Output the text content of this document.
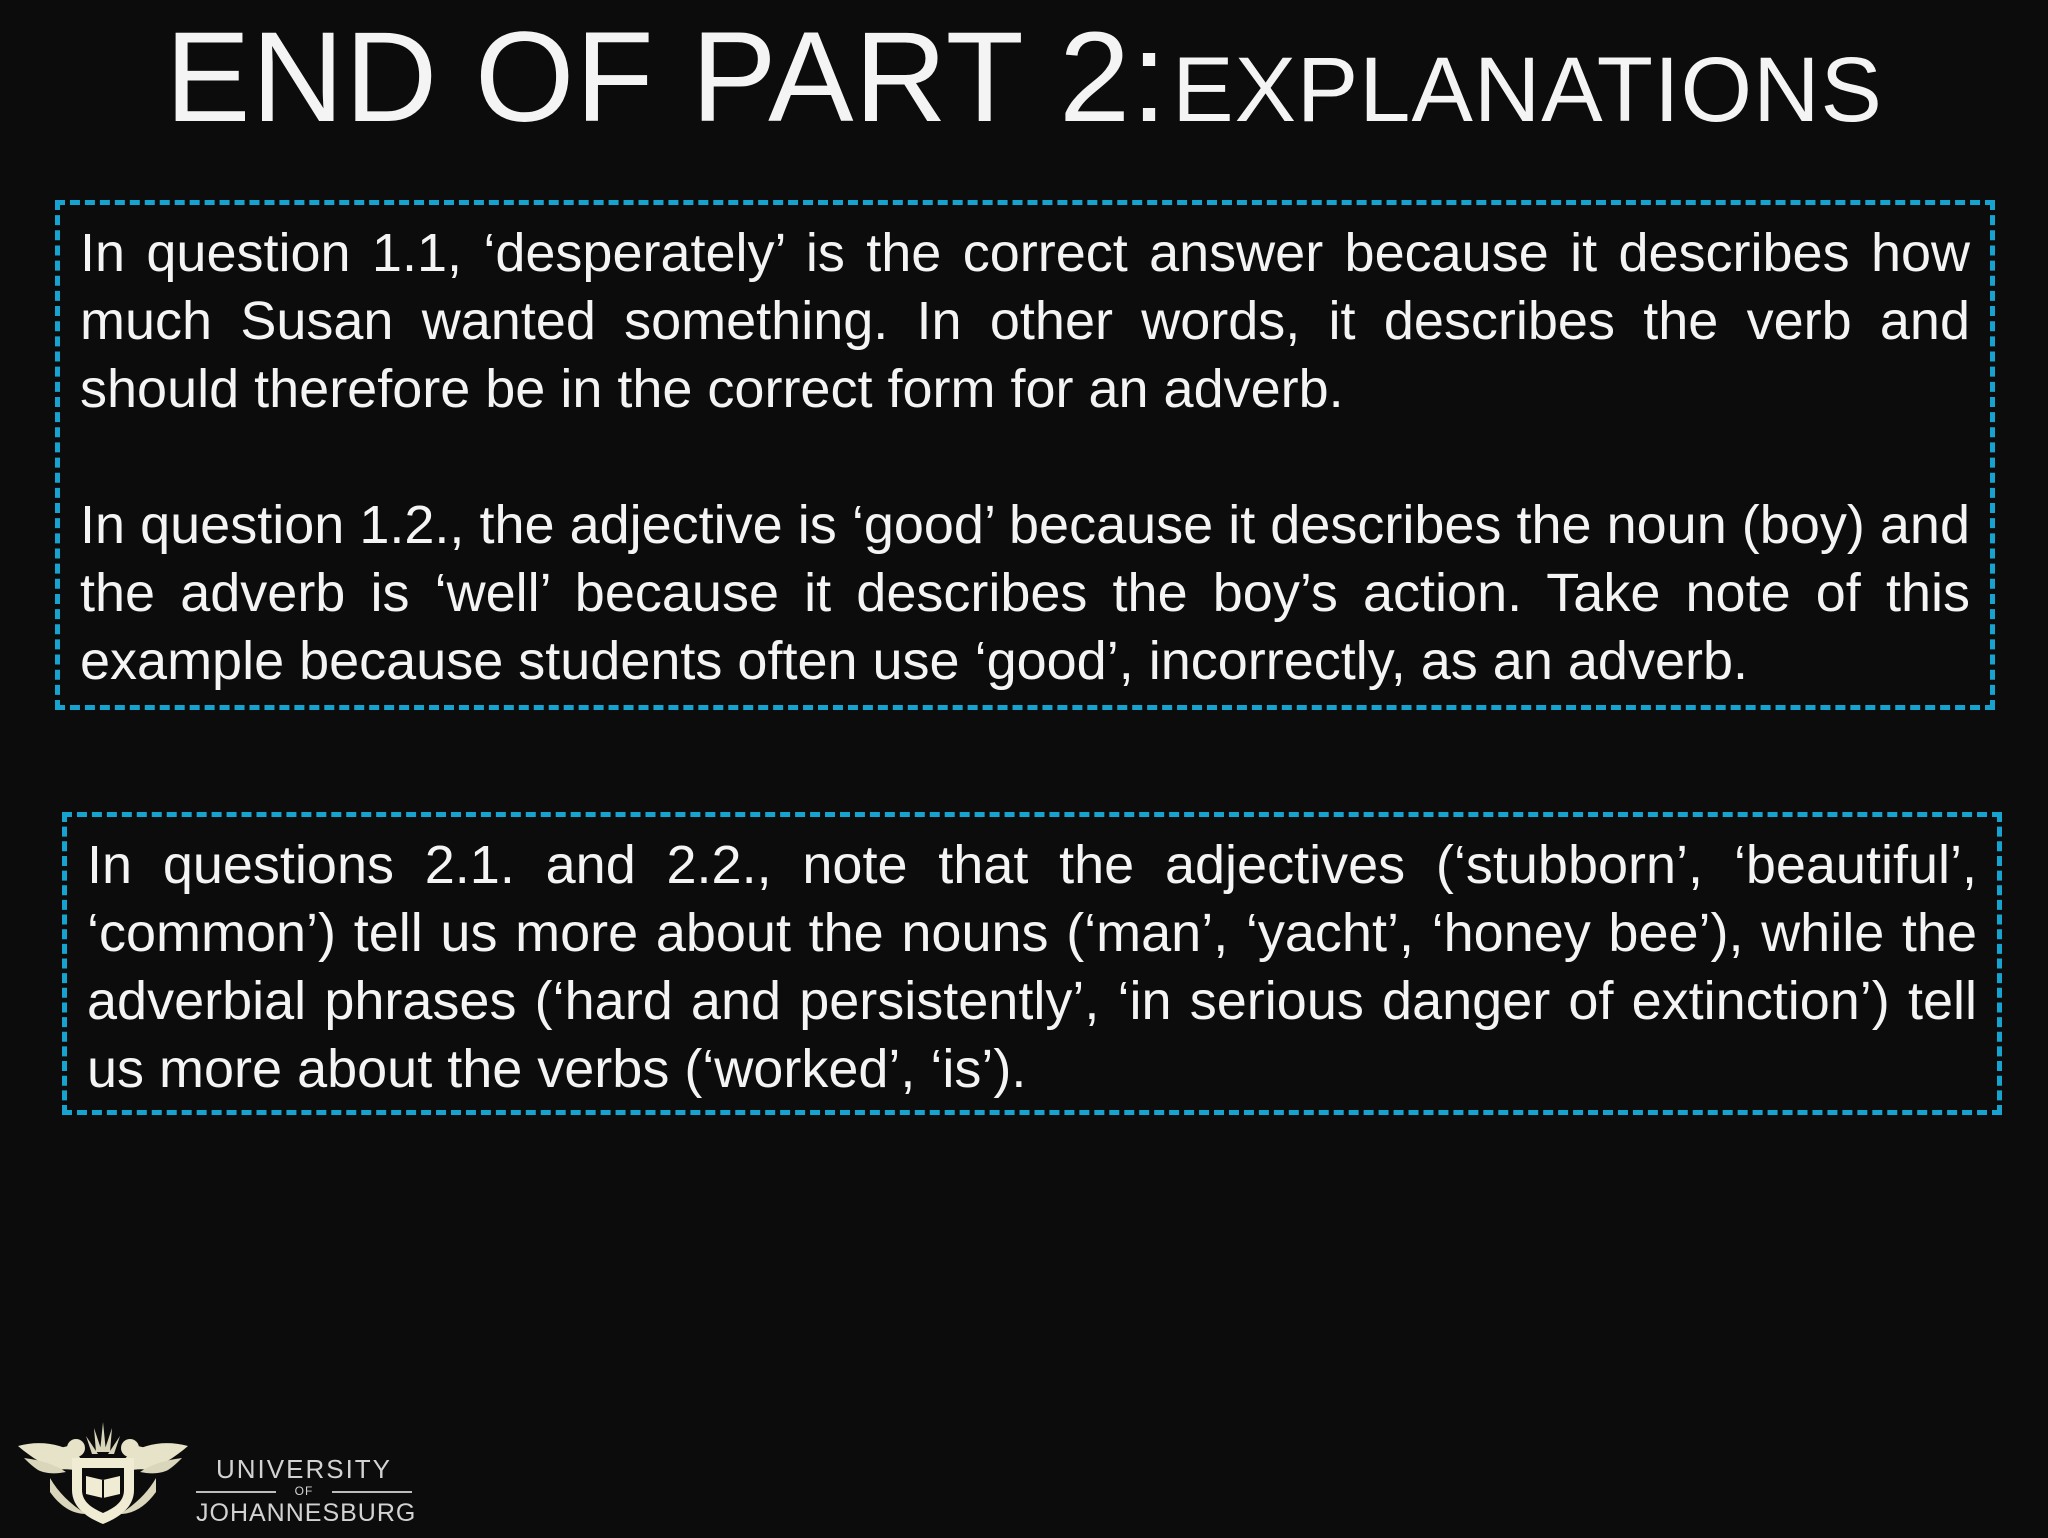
END OF PART 2: EXPLANATIONS

In question 1.1, ‘desperately’ is the correct answer because it describes how much Susan wanted something. In other words, it describes the verb and should therefore be in the correct form for an adverb.

In question 1.2., the adjective is ‘good’ because it describes the noun (boy) and the adverb is ‘well’ because it describes the boy’s action. Take note of this example because students often use ‘good’, incorrectly, as an adverb.

In questions 2.1. and 2.2., note that the adjectives (‘stubborn’, ‘beautiful’, ‘common’) tell us more about the nouns (‘man’, ‘yacht’, ‘honey bee’), while the adverbial phrases (‘hard and persistently’, ‘in serious danger of extinction’) tell us more about the verbs (‘worked’, ‘is’).

UNIVERSITY
OF
JOHANNESBURG
